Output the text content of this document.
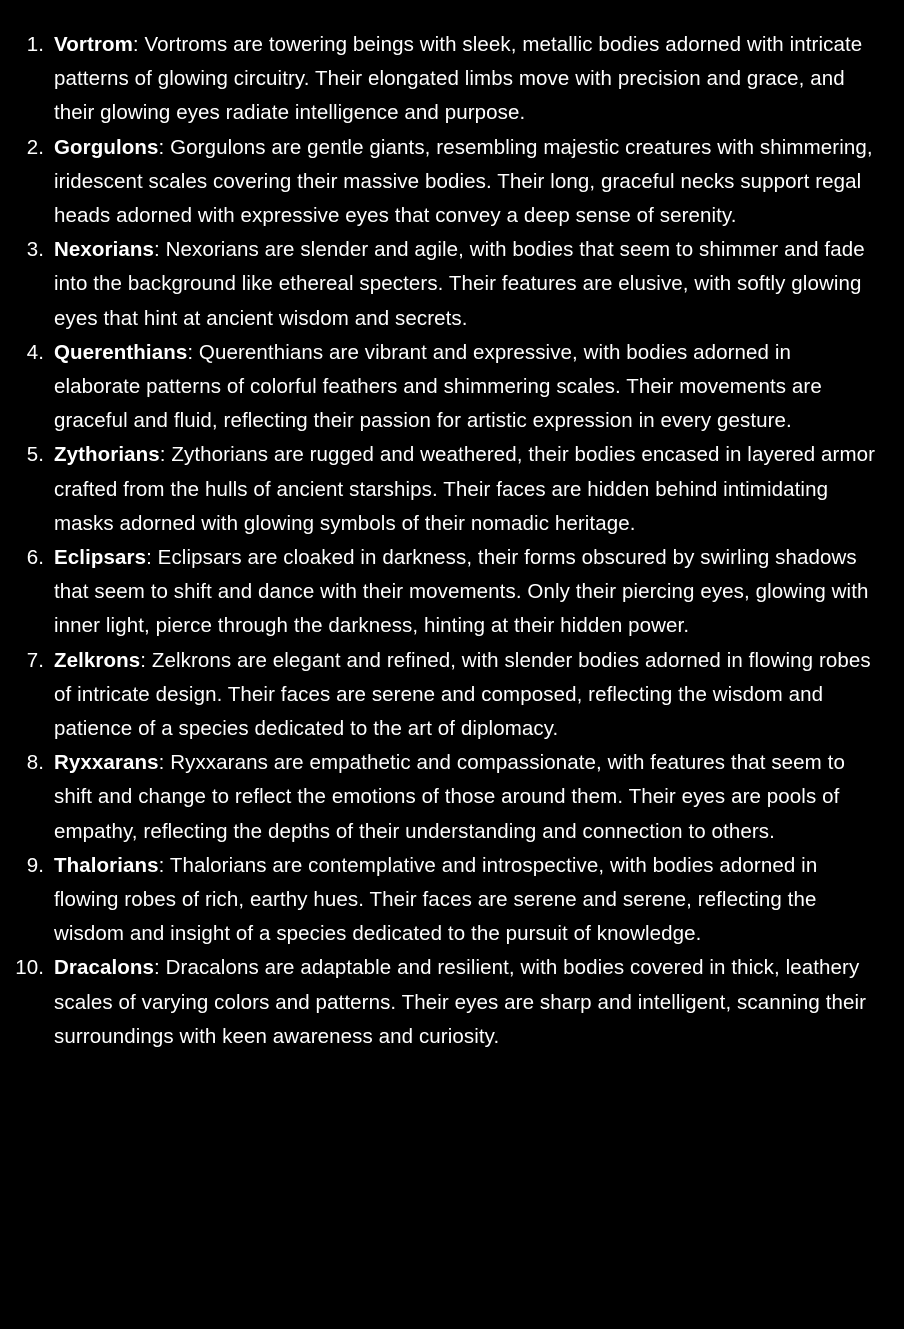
1. Vortrom: Vortroms are towering beings with sleek, metallic bodies adorned with intricate patterns of glowing circuitry. Their elongated limbs move with precision and grace, and their glowing eyes radiate intelligence and purpose.
2. Gorgulons: Gorgulons are gentle giants, resembling majestic creatures with shimmering, iridescent scales covering their massive bodies. Their long, graceful necks support regal heads adorned with expressive eyes that convey a deep sense of serenity.
3. Nexorians: Nexorians are slender and agile, with bodies that seem to shimmer and fade into the background like ethereal specters. Their features are elusive, with softly glowing eyes that hint at ancient wisdom and secrets.
4. Querenthians: Querenthians are vibrant and expressive, with bodies adorned in elaborate patterns of colorful feathers and shimmering scales. Their movements are graceful and fluid, reflecting their passion for artistic expression in every gesture.
5. Zythorians: Zythorians are rugged and weathered, their bodies encased in layered armor crafted from the hulls of ancient starships. Their faces are hidden behind intimidating masks adorned with glowing symbols of their nomadic heritage.
6. Eclipsars: Eclipsars are cloaked in darkness, their forms obscured by swirling shadows that seem to shift and dance with their movements. Only their piercing eyes, glowing with inner light, pierce through the darkness, hinting at their hidden power.
7. Zelkrons: Zelkrons are elegant and refined, with slender bodies adorned in flowing robes of intricate design. Their faces are serene and composed, reflecting the wisdom and patience of a species dedicated to the art of diplomacy.
8. Ryxxarans: Ryxxarans are empathetic and compassionate, with features that seem to shift and change to reflect the emotions of those around them. Their eyes are pools of empathy, reflecting the depths of their understanding and connection to others.
9. Thalorians: Thalorians are contemplative and introspective, with bodies adorned in flowing robes of rich, earthy hues. Their faces are serene and serene, reflecting the wisdom and insight of a species dedicated to the pursuit of knowledge.
10. Dracalons: Dracalons are adaptable and resilient, with bodies covered in thick, leathery scales of varying colors and patterns. Their eyes are sharp and intelligent, scanning their surroundings with keen awareness and curiosity.
